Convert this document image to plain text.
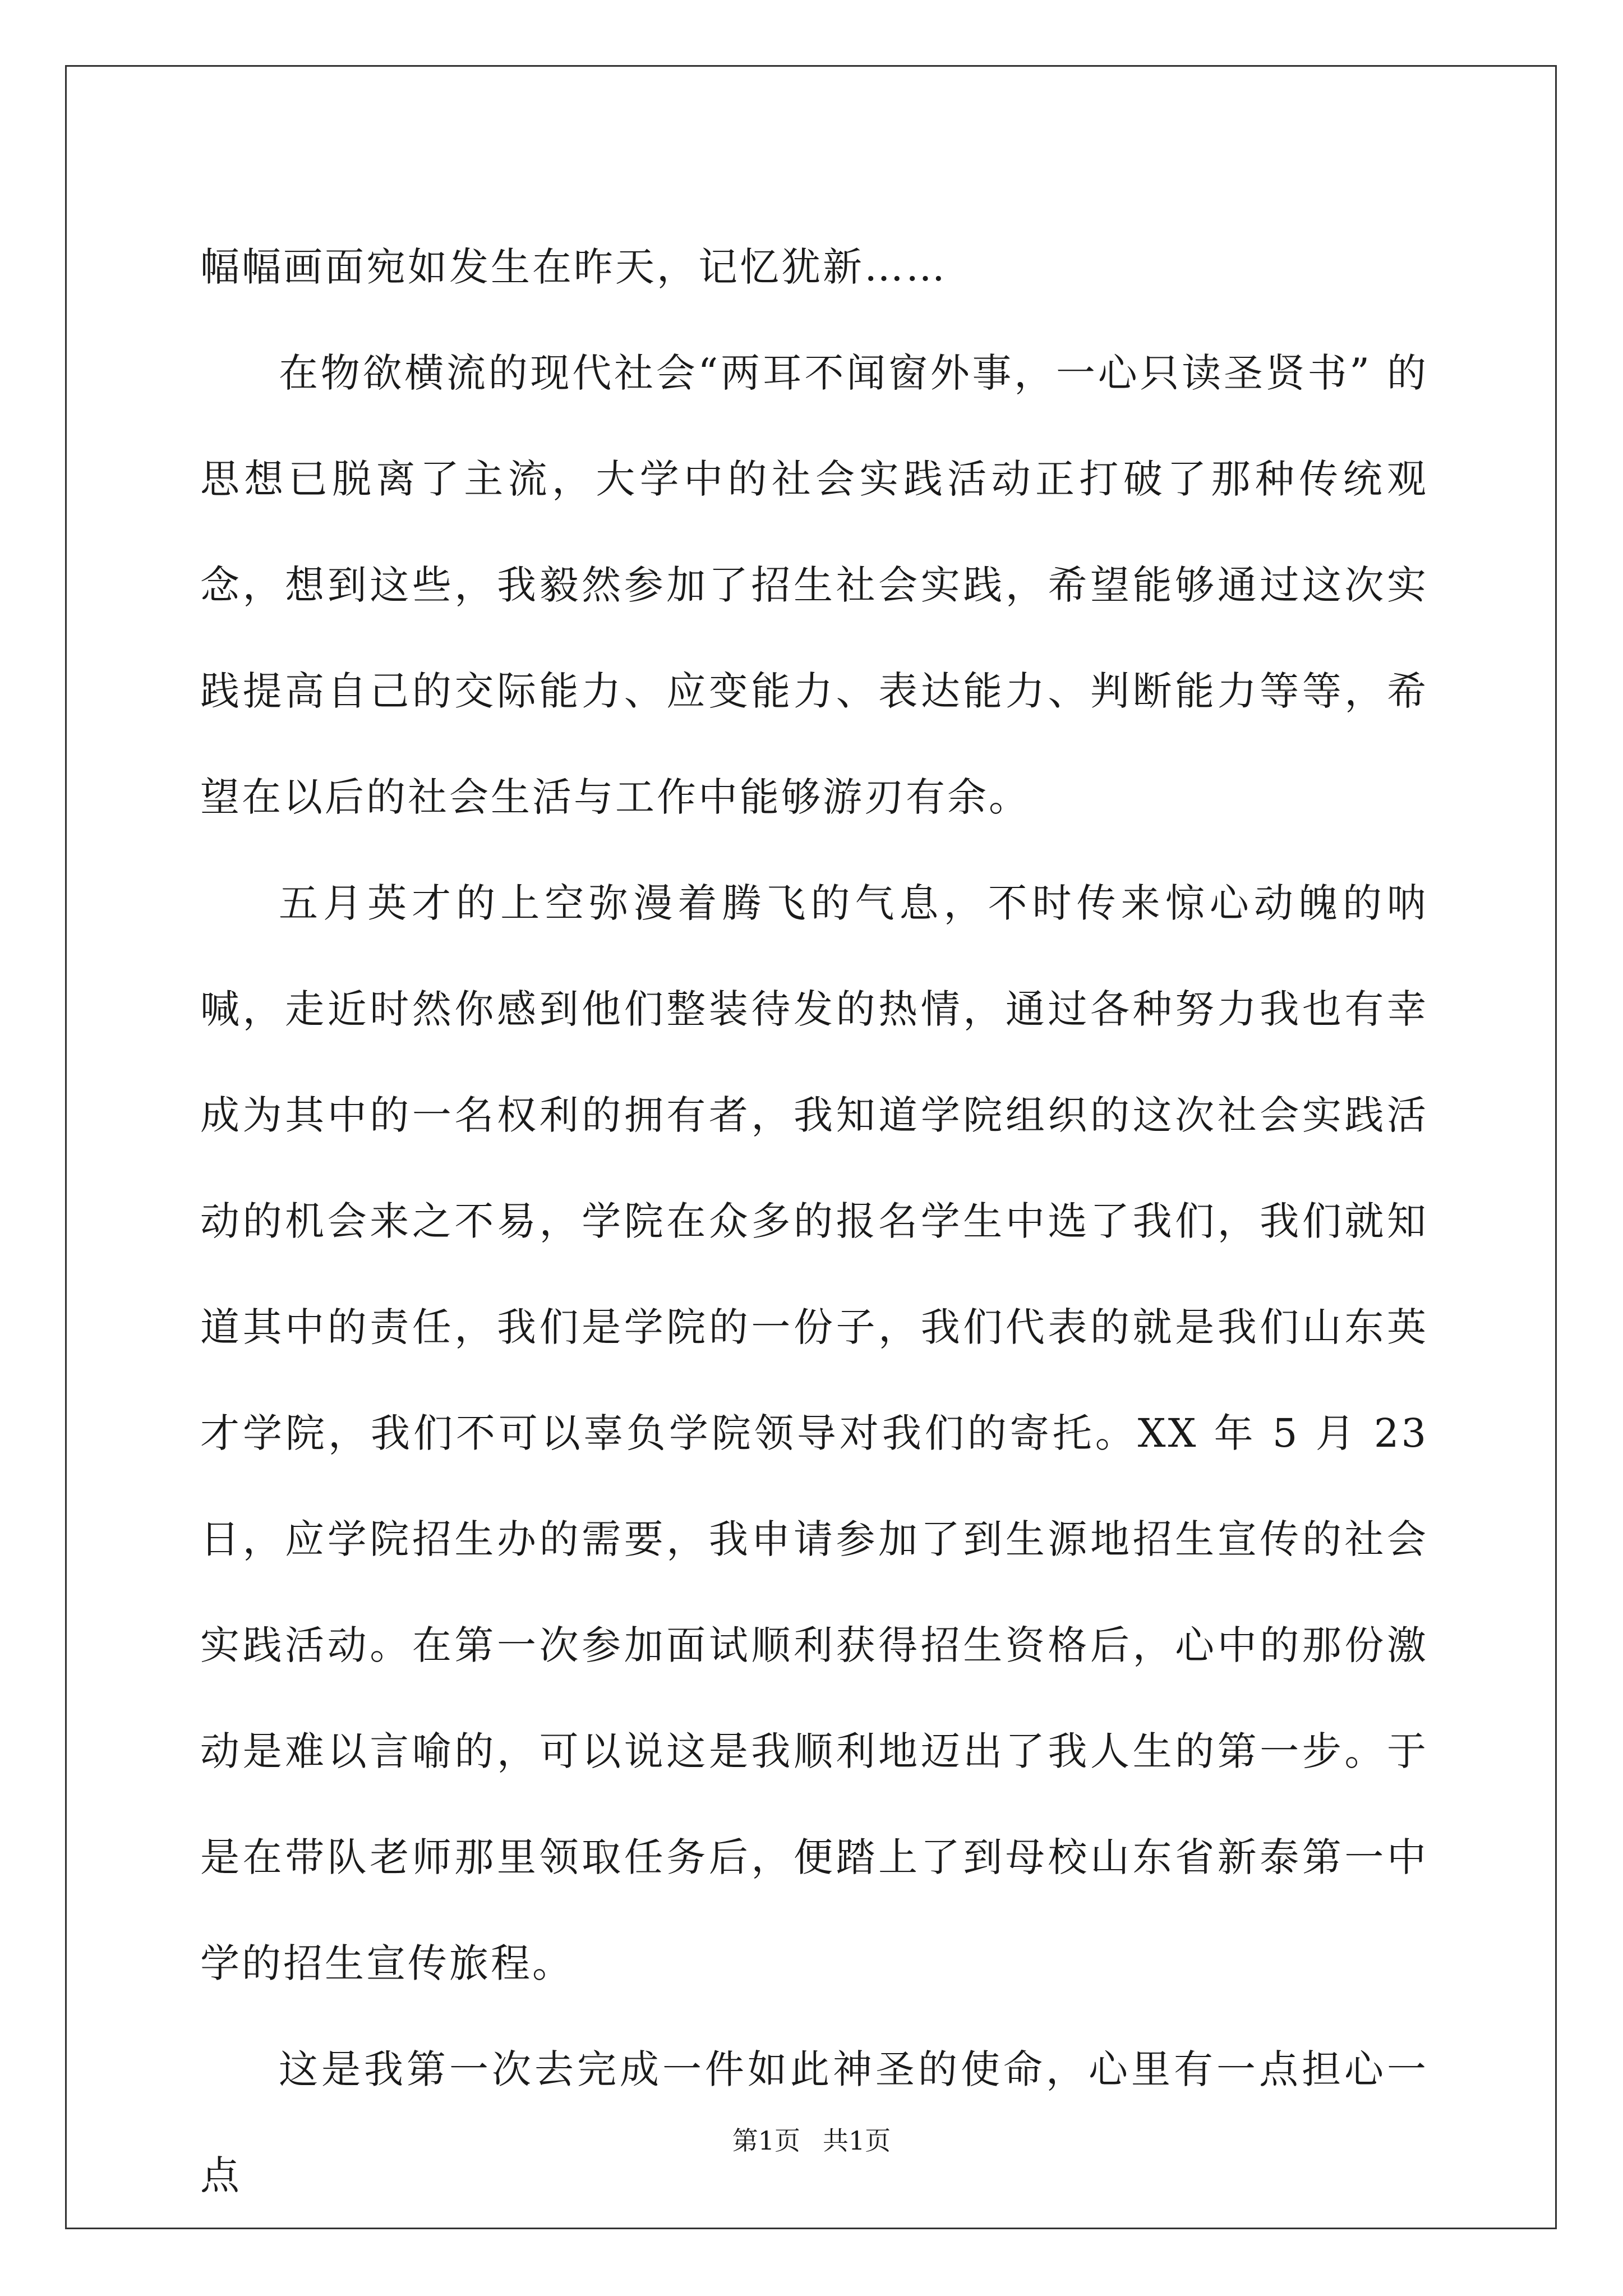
幅幅画面宛如发生在昨天，记忆犹新……

在物欲横流的现代社会“两耳不闻窗外事，一心只读圣贤书” 的思想已脱离了主流，大学中的社会实践活动正打破了那种传统观念，想到这些，我毅然参加了招生社会实践，希望能够通过这次实践提高自己的交际能力、应变能力、表达能力、判断能力等等，希望在以后的社会生活与工作中能够游刃有余。

五月英才的上空弥漫着腾飞的气息，不时传来惊心动魄的呐喊，走近时然你感到他们整装待发的热情，通过各种努力我也有幸成为其中的一名权利的拥有者，我知道学院组织的这次社会实践活动的机会来之不易，学院在众多的报名学生中选了我们，我们就知道其中的责任，我们是学院的一份子，我们代表的就是我们山东英才学院，我们不可以辜负学院领导对我们的寄托。XX 年 5 月 23 日，应学院招生办的需要，我申请参加了到生源地招生宣传的社会实践活动。在第一次参加面试顺利获得招生资格后，心中的那份激动是难以言喻的，可以说这是我顺利地迈出了我人生的第一步。于是在带队老师那里领取任务后，便踏上了到母校山东省新泰第一中学的招生宣传旅程。

这是我第一次去完成一件如此神圣的使命，心里有一点担心一点

第1页 共1页
